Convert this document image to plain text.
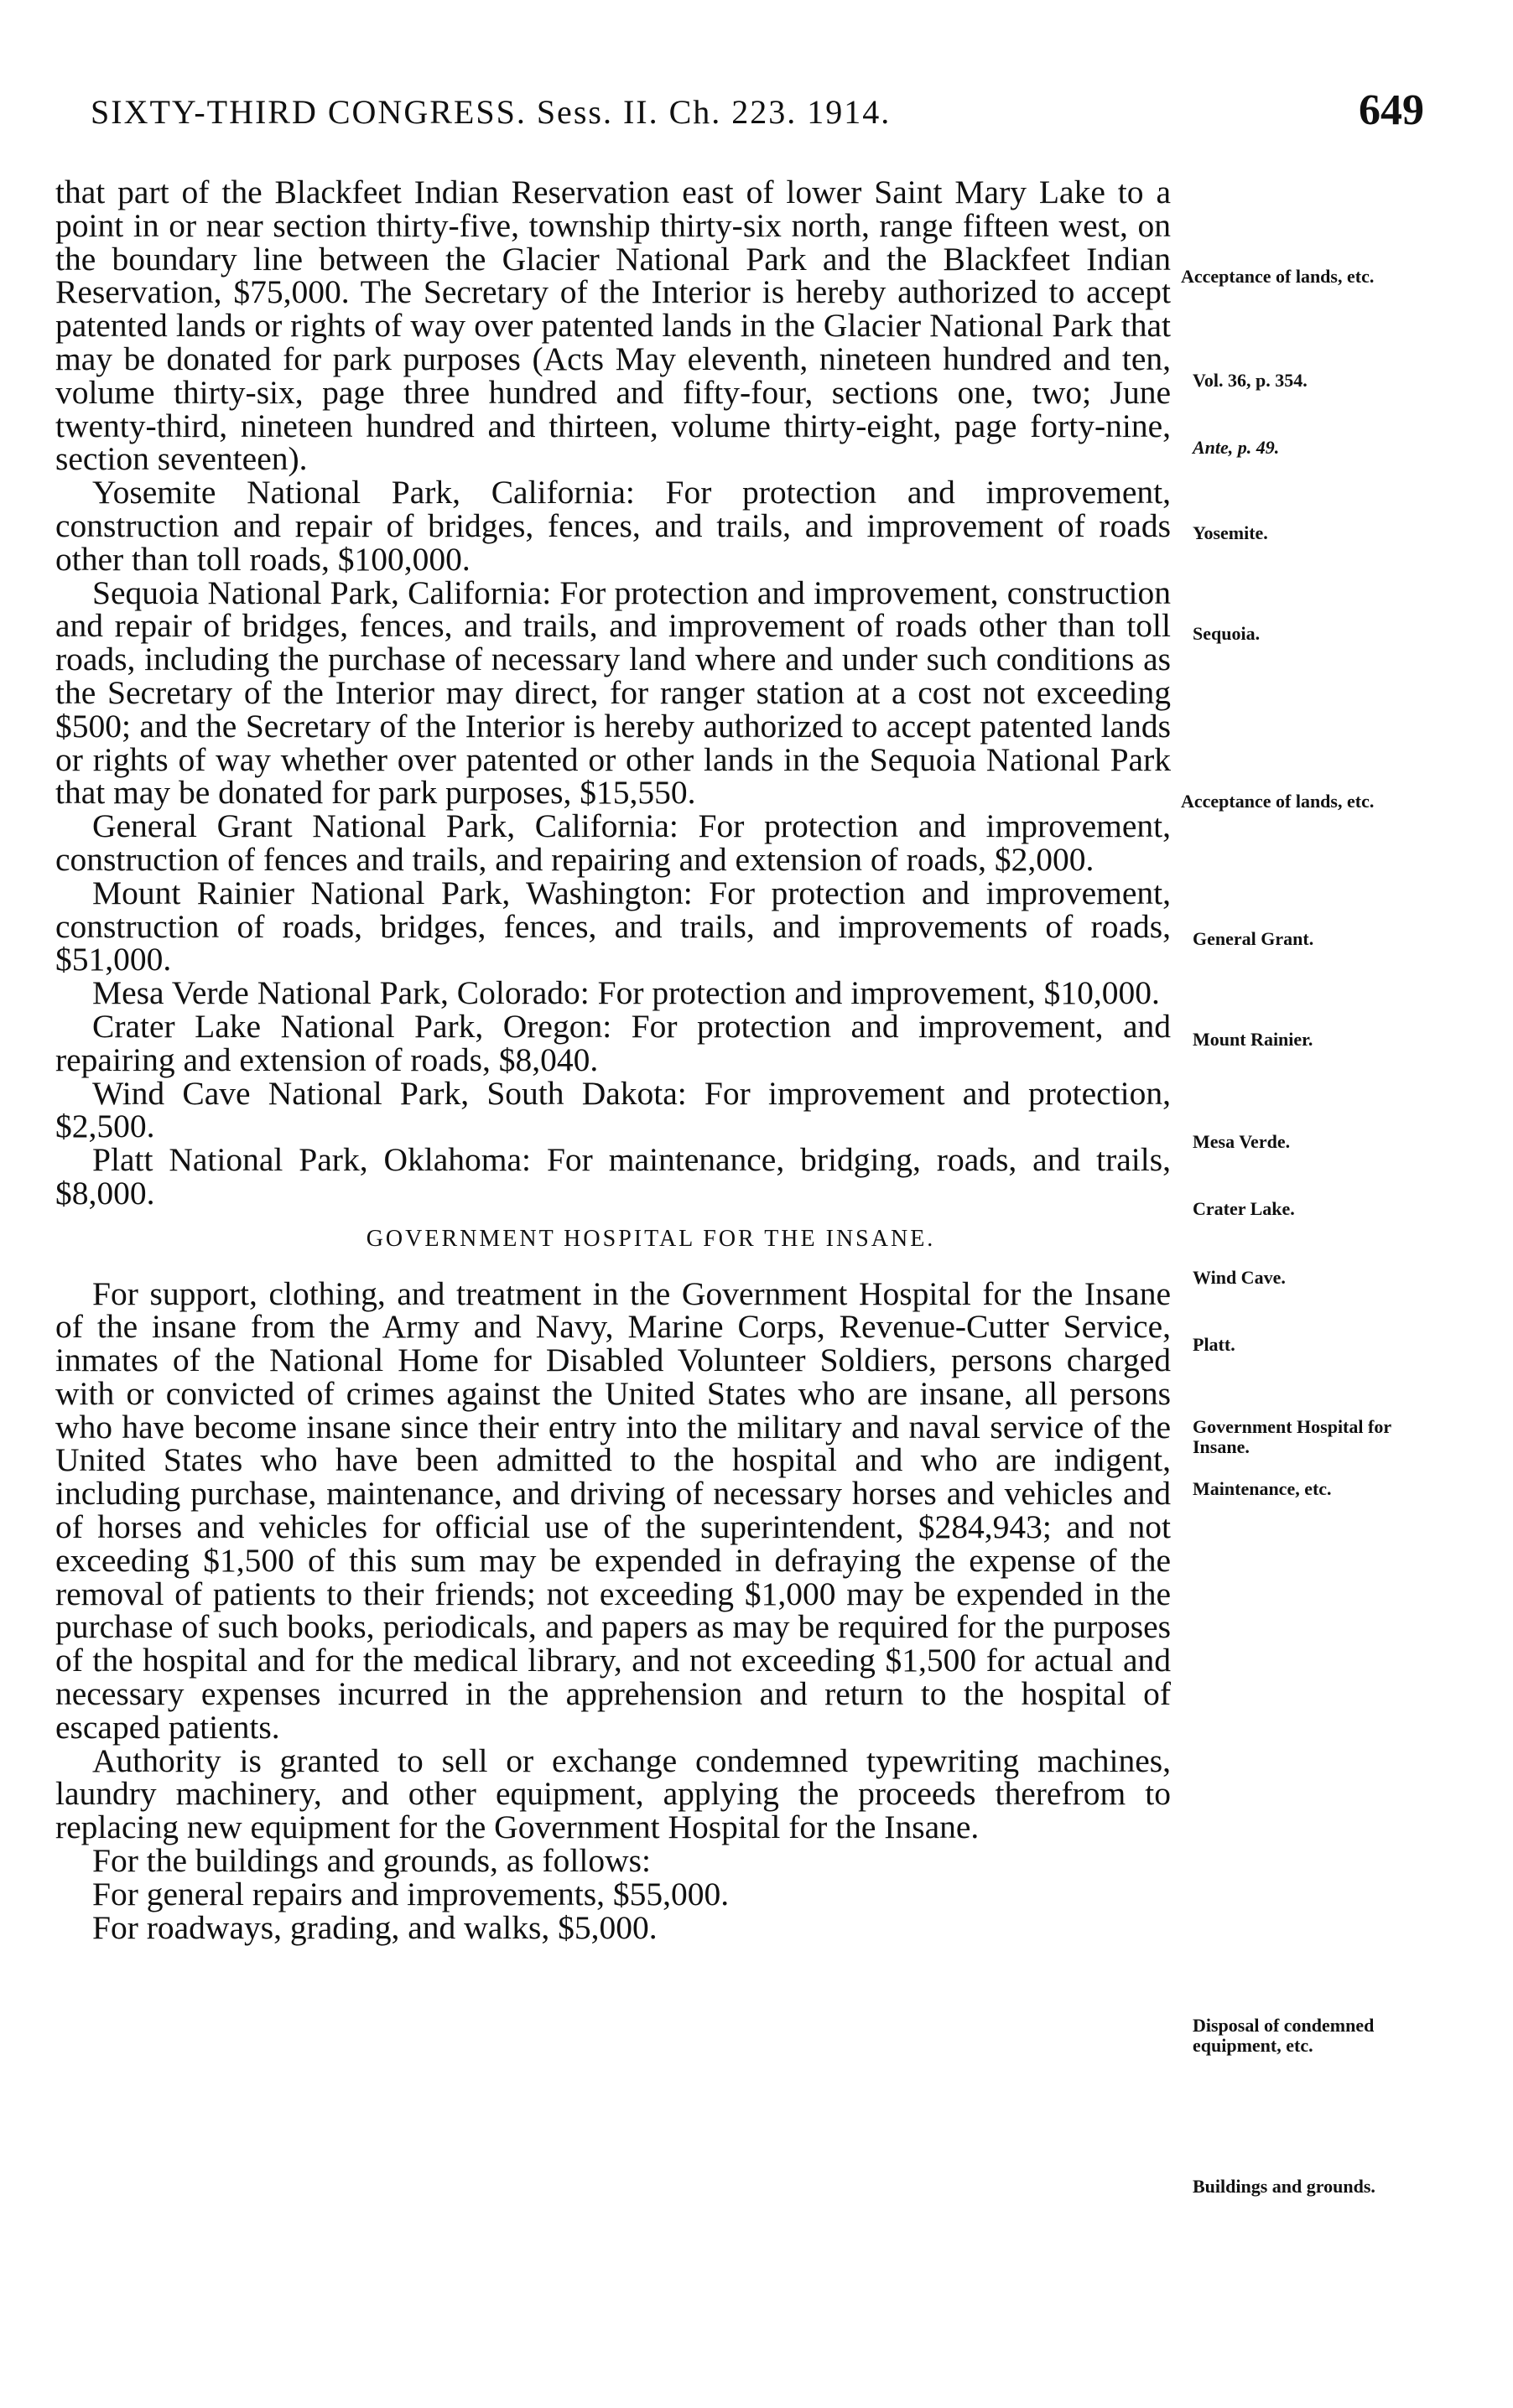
SIXTY-THIRD CONGRESS. Sess. II. Ch. 223. 1914.	649

that part of the Blackfeet Indian Reservation east of lower Saint Mary Lake to a point in or near section thirty-five, township thirty-six north, range fifteen west, on the boundary line between the Glacier National Park and the Blackfeet Indian Reservation, $75,000. The Secretary of the Interior is hereby authorized to accept patented lands or rights of way over patented lands in the Glacier National Park that may be donated for park purposes (Acts May eleventh, nineteen hundred and ten, volume thirty-six, page three hundred and fifty-four, sections one, two; June twenty-third, nineteen hundred and thirteen, volume thirty-eight, page forty-nine, section seventeen).

Yosemite National Park, California: For protection and improvement, construction and repair of bridges, fences, and trails, and improvement of roads other than toll roads, $100,000.

Sequoia National Park, California: For protection and improvement, construction and repair of bridges, fences, and trails, and improvement of roads other than toll roads, including the purchase of necessary land where and under such conditions as the Secretary of the Interior may direct, for ranger station at a cost not exceeding $500; and the Secretary of the Interior is hereby authorized to accept patented lands or rights of way whether over patented or other lands in the Sequoia National Park that may be donated for park purposes, $15,550.

General Grant National Park, California: For protection and improvement, construction of fences and trails, and repairing and extension of roads, $2,000.

Mount Rainier National Park, Washington: For protection and improvement, construction of roads, bridges, fences, and trails, and improvements of roads, $51,000.

Mesa Verde National Park, Colorado: For protection and improvement, $10,000.

Crater Lake National Park, Oregon: For protection and improvement, and repairing and extension of roads, $8,040.

Wind Cave National Park, South Dakota: For improvement and protection, $2,500.

Platt National Park, Oklahoma: For maintenance, bridging, roads, and trails, $8,000.

GOVERNMENT HOSPITAL FOR THE INSANE.

For support, clothing, and treatment in the Government Hospital for the Insane of the insane from the Army and Navy, Marine Corps, Revenue-Cutter Service, inmates of the National Home for Disabled Volunteer Soldiers, persons charged with or convicted of crimes against the United States who are insane, all persons who have become insane since their entry into the military and naval service of the United States who have been admitted to the hospital and who are indigent, including purchase, maintenance, and driving of necessary horses and vehicles and of horses and vehicles for official use of the superintendent, $284,943; and not exceeding $1,500 of this sum may be expended in defraying the expense of the removal of patients to their friends; not exceeding $1,000 may be expended in the purchase of such books, periodicals, and papers as may be required for the purposes of the hospital and for the medical library, and not exceeding $1,500 for actual and necessary expenses incurred in the apprehension and return to the hospital of escaped patients.

Authority is granted to sell or exchange condemned typewriting machines, laundry machinery, and other equipment, applying the proceeds therefrom to replacing new equipment for the Government Hospital for the Insane.

For the buildings and grounds, as follows:

For general repairs and improvements, $55,000.

For roadways, grading, and walks, $5,000.

Acceptance of lands, etc.
Vol. 36, p. 354.
Ante, p. 49.
Yosemite.
Sequoia.
Acceptance of lands, etc.
General Grant.
Mount Rainier.
Mesa Verde.
Crater Lake.
Wind Cave.
Platt.
Government Hospital for Insane.
Maintenance, etc.
Disposal of condemned equipment, etc.
Buildings and grounds.
